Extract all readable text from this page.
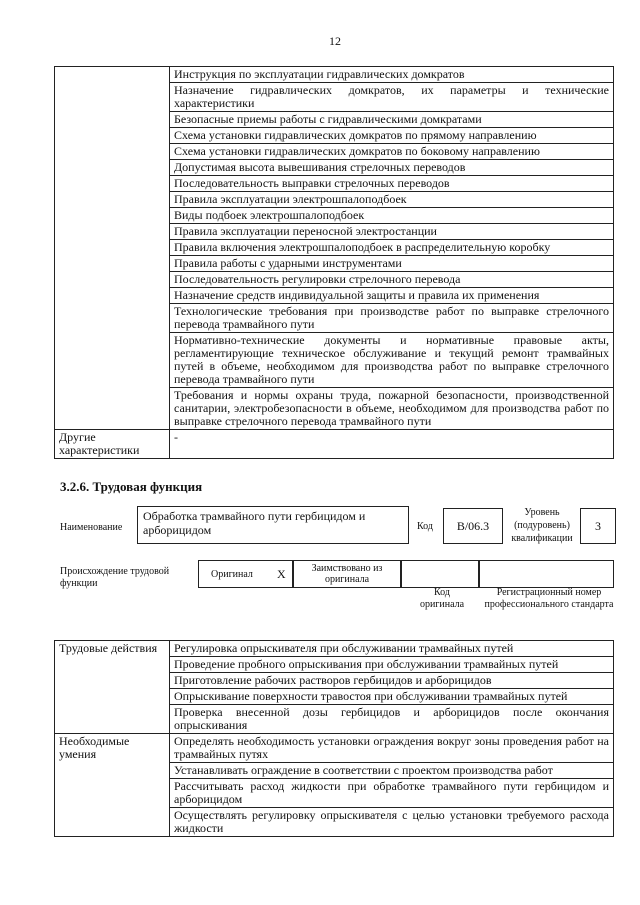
12
	Инструкция по эксплуатации гидравлических домкратов
	Назначение гидравлических домкратов, их параметры и технические характеристики
	Безопасные приемы работы с гидравлическими домкратами
	Схема установки гидравлических домкратов по прямому направлению
	Схема установки гидравлических домкратов по боковому направлению
	Допустимая высота вывешивания стрелочных переводов
	Последовательность выправки стрелочных переводов
	Правила эксплуатации электрошпалоподбоек
	Виды подбоек электрошпалоподбоек
	Правила эксплуатации переносной электростанции
	Правила включения электрошпалоподбоек в распределительную коробку
	Правила работы с ударными инструментами
	Последовательность регулировки стрелочного перевода
	Назначение средств индивидуальной защиты и правила их применения
	Технологические требования при производстве работ по выправке стрелочного перевода трамвайного пути
	Нормативно-технические документы и нормативные правовые акты, регламентирующие техническое обслуживание и текущий ремонт трамвайных путей в объеме, необходимом для производства работ по выправке стрелочного перевода трамвайного пути
	Требования и нормы охраны труда, пожарной безопасности, производственной санитарии, электробезопасности в объеме, необходимом для производства работ по выправке стрелочного перевода трамвайного пути
Другие характеристики	-
3.2.6. Трудовая функция
Наименование
Обработка трамвайного пути гербицидом и арборицидом	Код	В/06.3
Уровень (подуровень) квалификации
3
Происхождение трудовой функции
Оригинал X	Заимствовано из оригинала
Код оригинала
Регистрационный номер профессионального стандарта
Трудовые действия	Регулировка опрыскивателя при обслуживании трамвайных путей
	Проведение пробного опрыскивания при обслуживании трамвайных путей
	Приготовление рабочих растворов гербицидов и арборицидов
	Опрыскивание поверхности травостоя при обслуживании трамвайных путей
	Проверка внесенной дозы гербицидов и арборицидов после окончания опрыскивания
Необходимые умения	Определять необходимость установки ограждения вокруг зоны проведения работ на трамвайных путях
	Устанавливать ограждение в соответствии с проектом производства работ
	Рассчитывать расход жидкости при обработке трамвайного пути гербицидом и арборицидом
	Осуществлять регулировку опрыскивателя с целью установки требуемого расхода жидкости
